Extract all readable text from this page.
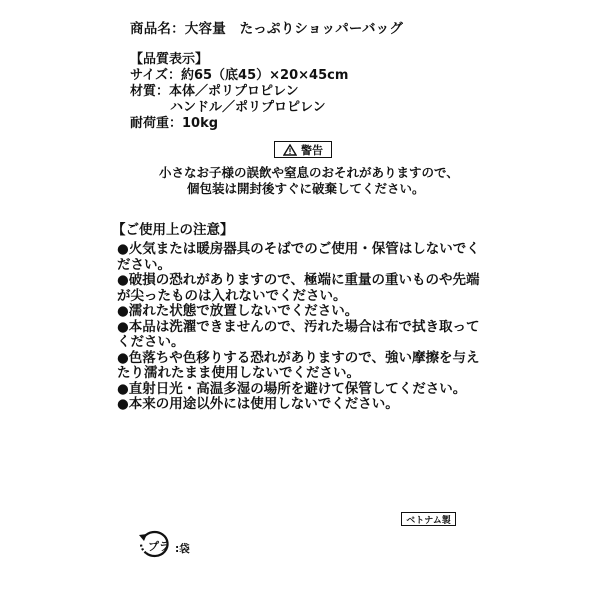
商品名：大容量　たっぷりショッパーバッグ
【品質表示】
サイズ：約65（底45）×20×45cm
材質：本体／ポリプロピレン
ハンドル／ポリプロピレン
耐荷重：10kg
警告
小さなお子様の誤飲や窒息のおそれがありますので、
個包装は開封後すぐに破棄してください。
【ご使用上の注意】

●火気または暖房器具のそばでのご使用・保管はしないでください。

●破損の恐れがありますので、極端に重量の重いものや先端が尖ったものは入れないでください。

●濡れた状態で放置しないでください。

●本品は洗濯できませんので、汚れた場合は布で拭き取ってください。

●色落ちや色移りする恐れがありますので、強い摩擦を与えたり濡れたまま使用しないでください。

●直射日光・高温多湿の場所を避けて保管してください。

●本来の用途以外には使用しないでください。

ベトナム製
プラ :袋
